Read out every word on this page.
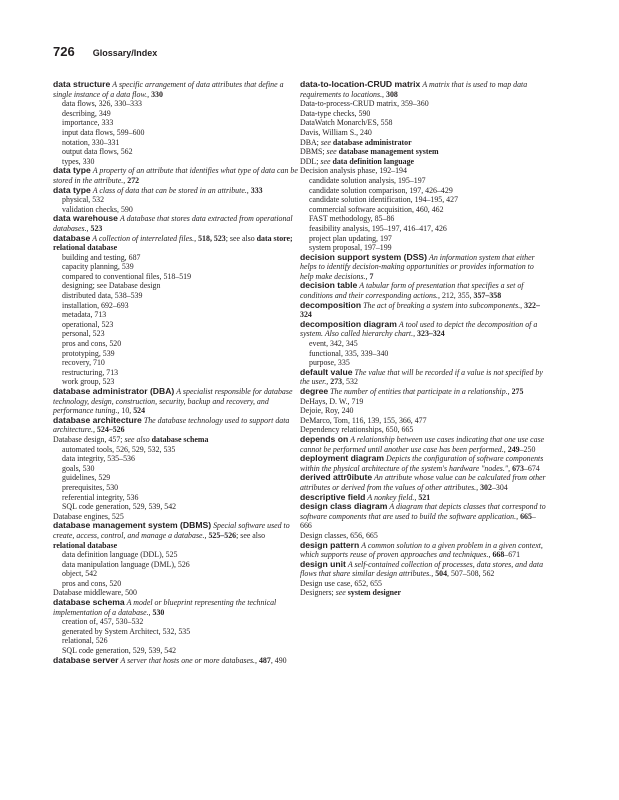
726 Glossary/Index
data structure A specific arrangement of data attributes that define a single instance of a data flow., 330
data flows, 326, 330–333
describing, 349
importance, 333
input data flows, 599–600
notation, 330–331
output data flows, 562
types, 330
data type A property of an attribute that identifies what type of data can be stored in the attribute., 272
data type A class of data that can be stored in an attribute., 333
physical, 532
validation checks, 590
data warehouse A database that stores data extracted from operational databases., 523
database A collection of interrelated files., 518, 523; see also data store; relational database
building and testing, 687
capacity planning, 539
compared to conventional files, 518–519
designing; see Database design
distributed data, 538–539
installation, 692–693
metadata, 713
operational, 523
personal, 523
pros and cons, 520
prototyping, 539
recovery, 710
restructuring, 713
work group, 523
database administrator (DBA) A specialist responsible for database technology, design, construction, security, backup and recovery, and performance tuning., 10, 524
database architecture The database technology used to support data architecture., 524–526
Database design, 457; see also database schema
automated tools, 526, 529, 532, 535
data integrity, 535–536
goals, 530
guidelines, 529
prerequisites, 530
referential integrity, 536
SQL code generation, 529, 539, 542
Database engines, 525
database management system (DBMS) Special software used to create, access, control, and manage a database., 525–526; see also relational database
data definition language (DDL), 525
data manipulation language (DML), 526
object, 542
pros and cons, 520
Database middleware, 500
database schema A model or blueprint representing the technical implementation of a database., 530
creation of, 457, 530–532
generated by System Architect, 532, 535
relational, 526
SQL code generation, 529, 539, 542
database server A server that hosts one or more databases., 487, 490
data-to-location-CRUD matrix A matrix that is used to map data requirements to locations., 308
Data-to-process-CRUD matrix, 359–360
Data-type checks, 590
DataWatch Monarch/ES, 558
Davis, William S., 240
DBA; see database administrator
DBMS; see database management system
DDL; see data definition language
Decision analysis phase, 192–194
candidate solution analysis, 195–197
candidate solution comparison, 197, 426–429
candidate solution identification, 194–195, 427
commercial software acquisition, 460, 462
FAST methodology, 85–86
feasibility analysis, 195–197, 416–417, 426
project plan updating, 197
system proposal, 197–199
decision support system (DSS) An information system that either helps to identify decision-making opportunities or provides information to help make decisions., 7
decision table A tabular form of presentation that specifies a set of conditions and their corresponding actions., 212, 355, 357–358
decomposition The act of breaking a system into subcomponents., 322–324
decomposition diagram A tool used to depict the decomposition of a system. Also called hierarchy chart., 323–324
event, 342, 345
functional, 335, 339–340
purpose, 335
default value The value that will be recorded if a value is not specified by the user., 273, 532
degree The number of entities that participate in a relationship., 275
DeHays, D. W., 719
Dejoie, Roy, 240
DeMarco, Tom, 116, 139, 155, 366, 477
Dependency relationships, 650, 665
depends on A relationship between use cases indicating that one use case cannot be performed until another use case has been performed., 249–250
deployment diagram Depicts the configuration of software components within the physical architecture of the system's hardware "nodes.", 673–674
derived attr0ibute An attribute whose value can be calculated from other attributes or derived from the values of other attributes., 302–304
descriptive field A nonkey field., 521
design class diagram A diagram that depicts classes that correspond to software components that are used to build the software application., 665–666
Design classes, 656, 665
design pattern A common solution to a given problem in a given context, which supports reuse of proven approaches and techniques., 668–671
design unit A self-contained collection of processes, data stores, and data flows that share similar design attributes., 504, 507–508, 562
Design use case, 652, 655
Designers; see system designer
